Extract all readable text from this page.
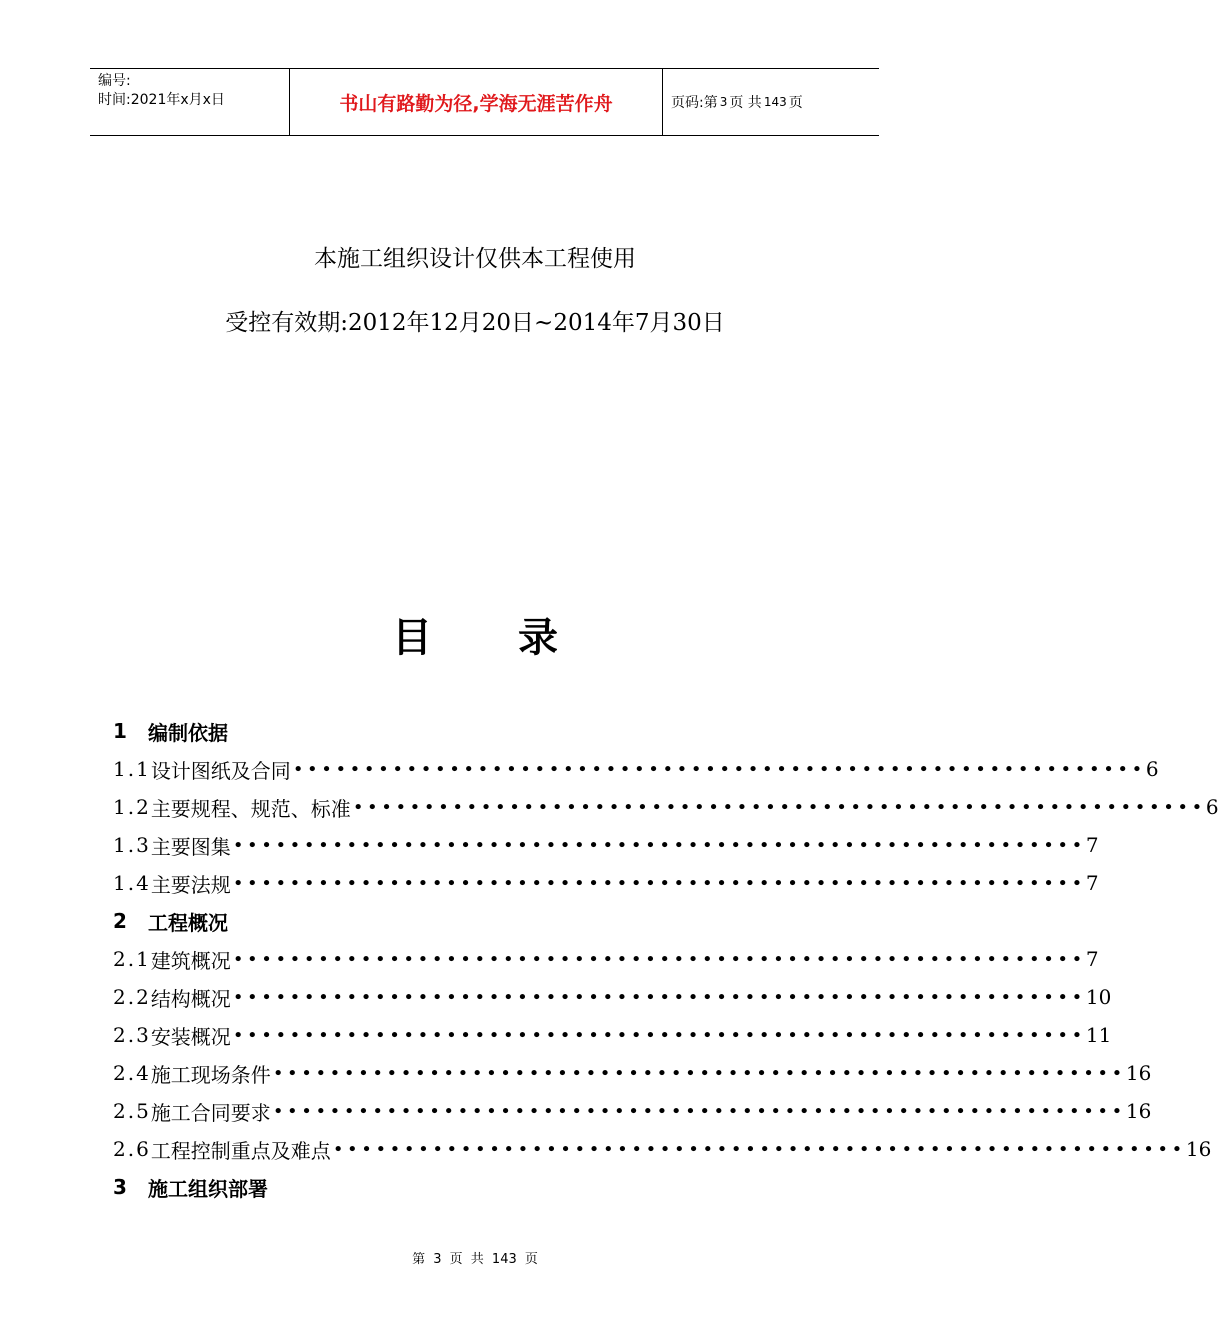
编号:
时间:2021年x月x日	书山有路勤为径,学海无涯苦作舟	页码:第 3 页 共 143 页
本施工组织设计仅供本工程使用
受控有效期:2012年12月20日~2014年7月30日
目录
1	编制依据
1.1 设计图纸及合同 •••••••••••••••••••••••••••••••••••••••••••••••••••••••••••• 6
1.2 主要规程、规范、标准 •••••••••••••••••••••••••••••••••••••••••••••••••••••••••••• 6
1.3 主要图集 •••••••••••••••••••••••••••••••••••••••••••••••••••••••••••• 7
1.4 主要法规 •••••••••••••••••••••••••••••••••••••••••••••••••••••••••••• 7
2	工程概况
2.1 建筑概况 •••••••••••••••••••••••••••••••••••••••••••••••••••••••••••• 7
2.2 结构概况 •••••••••••••••••••••••••••••••••••••••••••••••••••••••••••• 10
2.3 安装概况 •••••••••••••••••••••••••••••••••••••••••••••••••••••••••••• 11
2.4 施工现场条件 •••••••••••••••••••••••••••••••••••••••••••••••••••••••••••• 16
2.5 施工合同要求 •••••••••••••••••••••••••••••••••••••••••••••••••••••••••••• 16
2.6 工程控制重点及难点 •••••••••••••••••••••••••••••••••••••••••••••••••••••••••••• 16
3	施工组织部署
第 3 页 共 143 页
